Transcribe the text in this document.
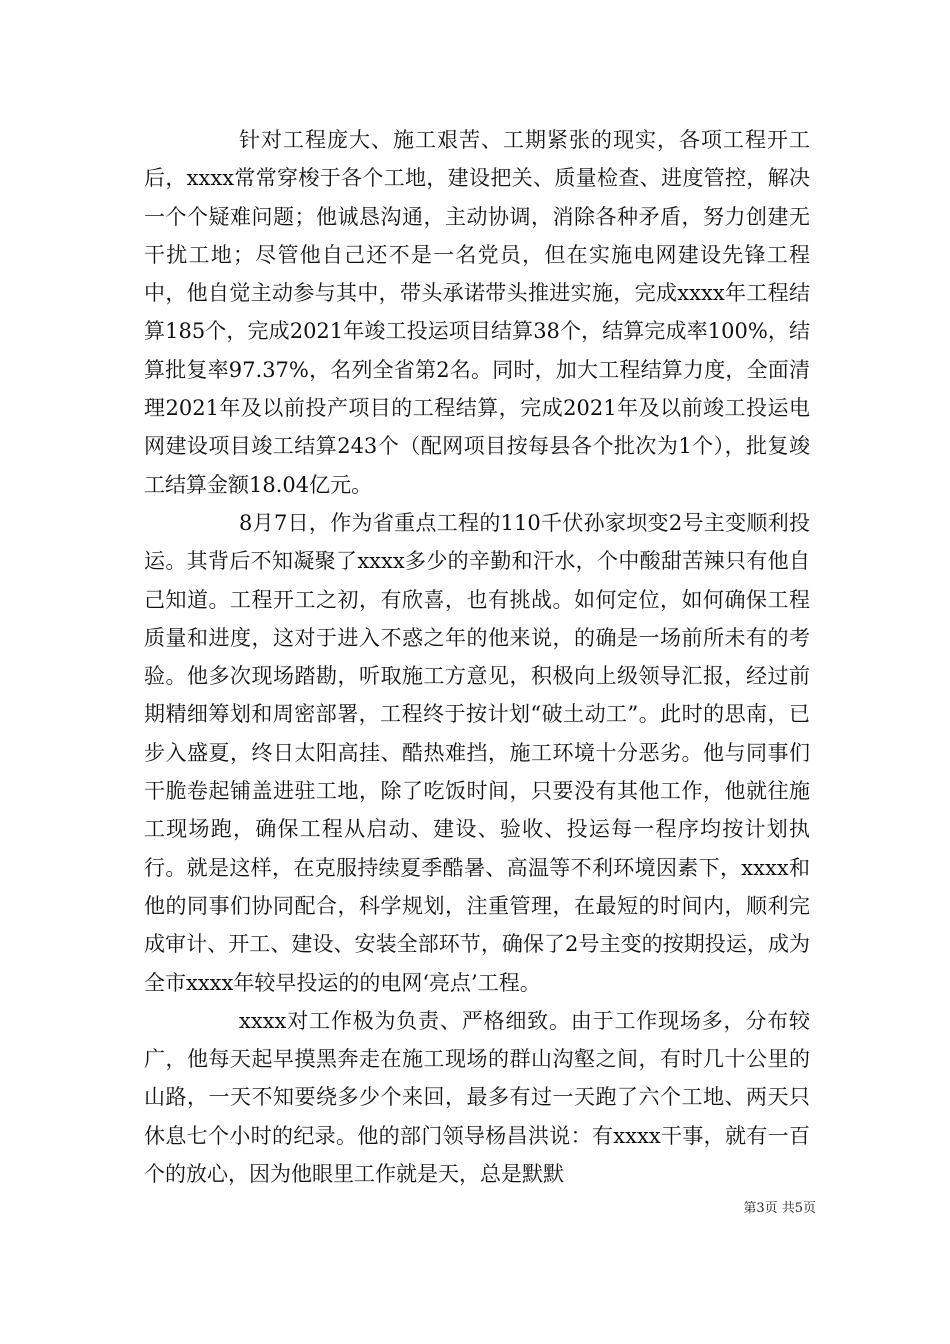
针对工程庞大、施工艰苦、工期紧张的现实，各项工程开工后，xxxx常常穿梭于各个工地，建设把关、质量检查、进度管控，解决一个个疑难问题；他诚恳沟通，主动协调，消除各种矛盾，努力创建无干扰工地；尽管他自己还不是一名党员，但在实施电网建设先锋工程中，他自觉主动参与其中，带头承诺带头推进实施，完成xxxx年工程结算185个，完成2021年竣工投运项目结算38个，结算完成率100%，结算批复率97.37%，名列全省第2名。同时，加大工程结算力度，全面清理2021年及以前投产项目的工程结算，完成2021年及以前竣工投运电网建设项目竣工结算243个（配网项目按每县各个批次为1个），批复竣工结算金额18.04亿元。

8月7日，作为省重点工程的110千伏孙家坝变2号主变顺利投运。其背后不知凝聚了xxxx多少的辛勤和汗水，个中酸甜苦辣只有他自己知道。工程开工之初，有欣喜，也有挑战。如何定位，如何确保工程质量和进度，这对于进入不惑之年的他来说，的确是一场前所未有的考验。他多次现场踏勘，听取施工方意见，积极向上级领导汇报，经过前期精细筹划和周密部署，工程终于按计划“破土动工”。此时的思南，已步入盛夏，终日太阳高挂、酷热难挡，施工环境十分恶劣。他与同事们干脆卷起铺盖进驻工地，除了吃饭时间，只要没有其他工作，他就往施工现场跑，确保工程从启动、建设、验收、投运每一程序均按计划执行。就是这样，在克服持续夏季酷暑、高温等不利环境因素下，xxxx和他的同事们协同配合，科学规划，注重管理，在最短的时间内，顺利完成审计、开工、建设、安装全部环节，确保了2号主变的按期投运，成为全市xxxx年较早投运的的电网‘亮点’工程。

xxxx对工作极为负责、严格细致。由于工作现场多，分布较广，他每天起早摸黑奔走在施工现场的群山沟壑之间，有时几十公里的山路，一天不知要绕多少个来回，最多有过一天跑了六个工地、两天只休息七个小时的纪录。他的部门领导杨昌洪说：有xxxx干事，就有一百个的放心，因为他眼里工作就是天，总是默默

第3页 共5页
